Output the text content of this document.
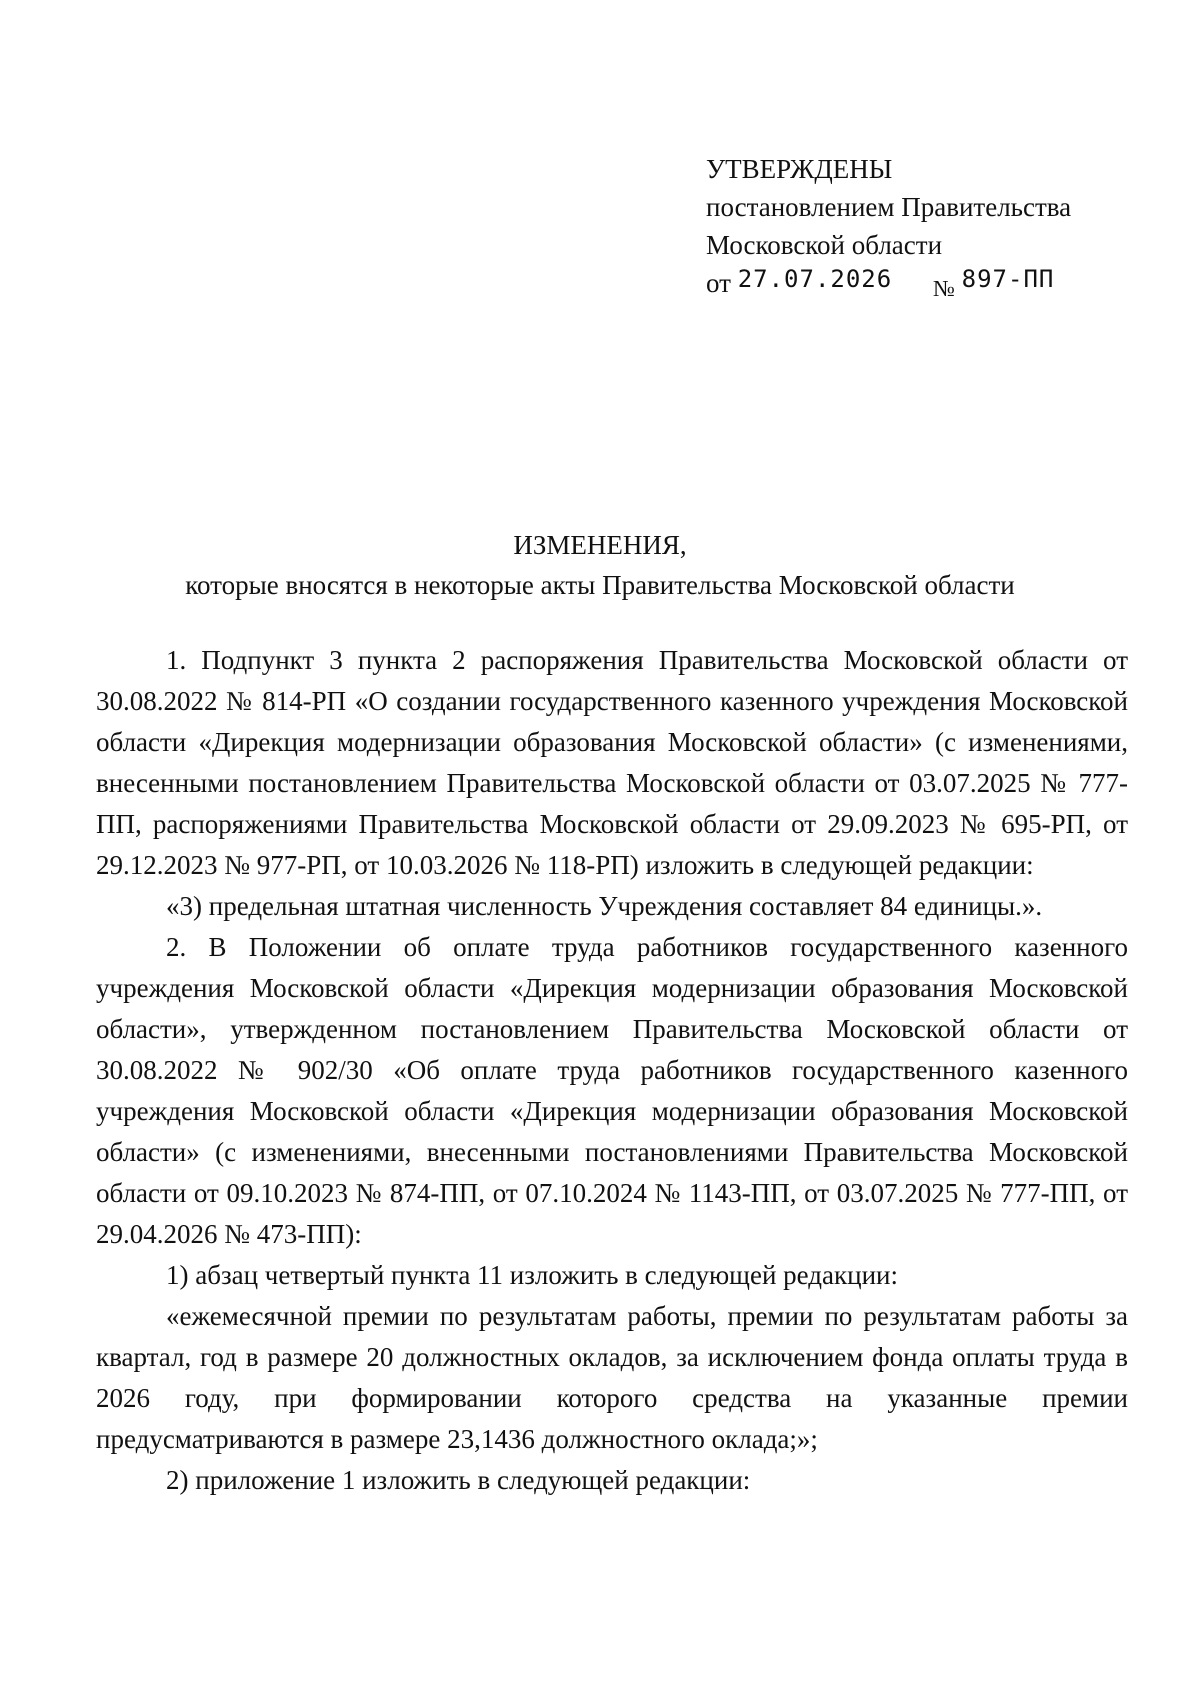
УТВЕРЖДЕНЫ
постановлением Правительства
Московской области
от 27.07.2026 № 897-ПП
ИЗМЕНЕНИЯ,
которые вносятся в некоторые акты Правительства Московской области

1. Подпункт 3 пункта 2 распоряжения Правительства Московской области от 30.08.2022 № 814-РП «О создании государственного казенного учреждения Московской области «Дирекция модернизации образования Московской области» (с изменениями, внесенными постановлением Правительства Московской области от 03.07.2025 № 777-ПП, распоряжениями Правительства Московской области от 29.09.2023 № 695-РП, от 29.12.2023 № 977-РП, от 10.03.2026 № 118-РП) изложить в следующей редакции:

«3) предельная штатная численность Учреждения составляет 84 единицы.».

2. В Положении об оплате труда работников государственного казенного учреждения Московской области «Дирекция модернизации образования Московской области», утвержденном постановлением Правительства Московской области от 30.08.2022 № 902/30 «Об оплате труда работников государственного казенного учреждения Московской области «Дирекция модернизации образования Московской области» (с изменениями, внесенными постановлениями Правительства Московской области от 09.10.2023 № 874-ПП, от 07.10.2024 № 1143-ПП, от 03.07.2025 № 777-ПП, от 29.04.2026 № 473-ПП):

1) абзац четвертый пункта 11 изложить в следующей редакции:

«ежемесячной премии по результатам работы, премии по результатам работы за квартал, год в размере 20 должностных окладов, за исключением фонда оплаты труда в 2026 году, при формировании которого средства на указанные премии предусматриваются в размере 23,1436 должностного оклада;»;

2) приложение 1 изложить в следующей редакции:
